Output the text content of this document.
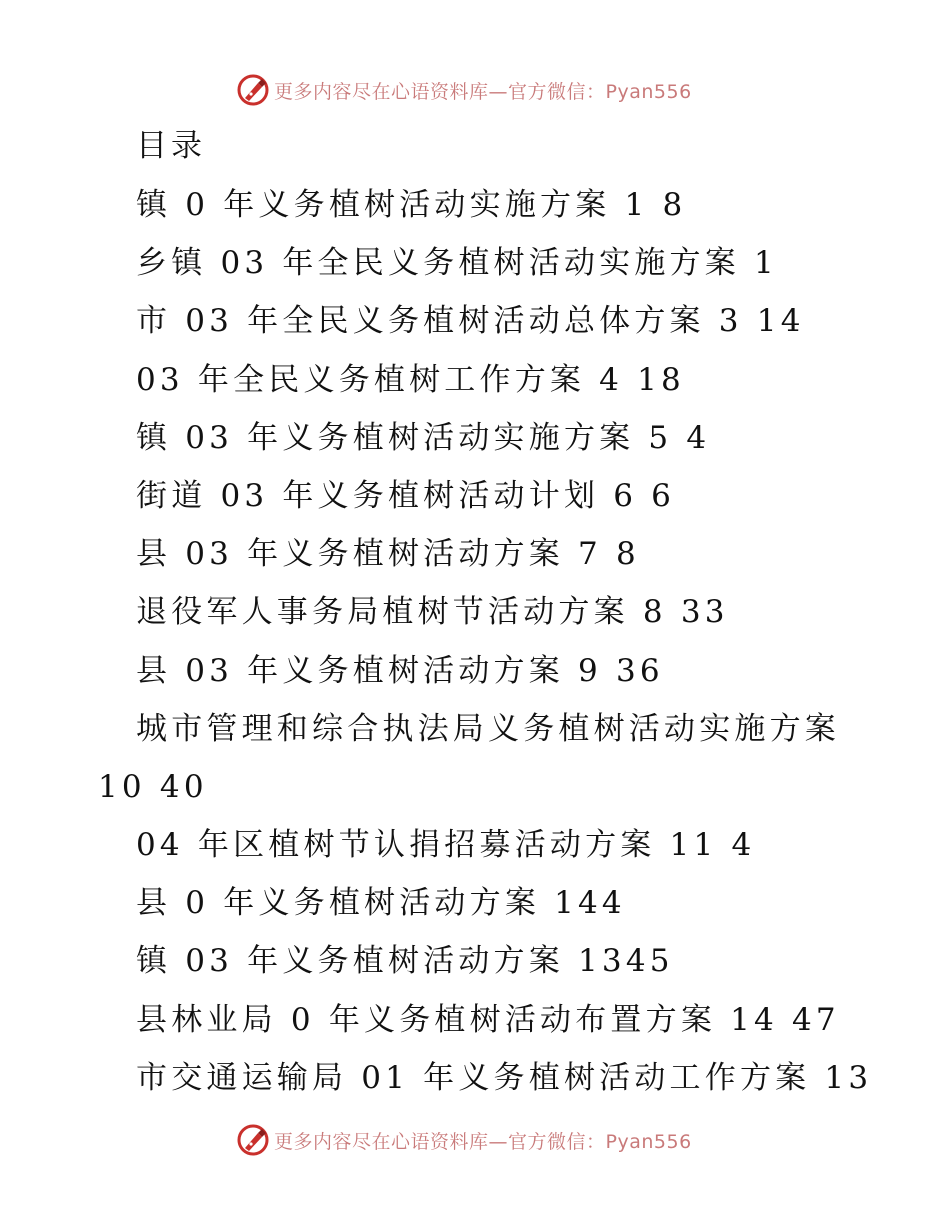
更多内容尽在心语资料库—官方微信：Pyan556
目录
镇 0 年义务植树活动实施方案 1 8
乡镇 03 年全民义务植树活动实施方案 1
市 03 年全民义务植树活动总体方案 3 14
03 年全民义务植树工作方案 4 18
镇 03 年义务植树活动实施方案 5 4
街道 03 年义务植树活动计划 6 6
县 03 年义务植树活动方案 7 8
退役军人事务局植树节活动方案 8 33
县 03 年义务植树活动方案 9 36
城市管理和综合执法局义务植树活动实施方案
10 40
04 年区植树节认捐招募活动方案 11 4
县 0 年义务植树活动方案 144
镇 03 年义务植树活动方案 1345
县林业局 0 年义务植树活动布置方案 14 47
市交通运输局 01 年义务植树活动工作方案 13
更多内容尽在心语资料库—官方微信：Pyan556
